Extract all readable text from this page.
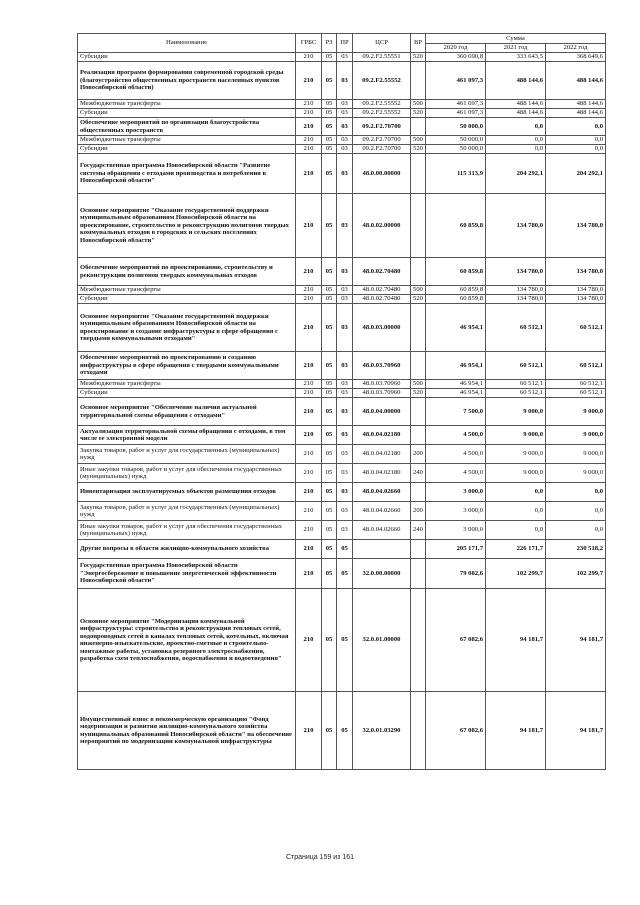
Наименование	ГРБС	РЗ	ПР	ЦСР	ВР	Сумма		
						2020 год	2021 год	2022 год
Субсидии	210	05	03	09.2.F2.55551	520	360 690,8	333 643,5	368 649,6
Реализация программ формирования современной городской среды (благоустройство общественных пространств населенных пунктов Новосибирской области)	210	05	03	09.2.F2.55552		461 097,3	488 144,6	488 144,6
Межбюджетные трансферты	210	05	03	09.2.F2.55552	500	461 097,3	488 144,6	488 144,6
Субсидии	210	05	03	09.2.F2.55552	520	461 097,3	488 144,6	488 144,6
Обеспечение мероприятий по организации благоустройства общественных пространств	210	05	03	09.2.F2.70700		50 000,0	0,0	0,0
Межбюджетные трансферты	210	05	03	09.2.F2.70700	500	50 000,0	0,0	0,0
Субсидии	210	05	03	09.2.F2.70700	520	50 000,0	0,0	0,0
Государственная программа Новосибирской области "Развитие системы обращения с отходами производства и потребления в Новосибирской области"	210	05	03	48.0.00.00000		115 313,9	204 292,1	204 292,1
Основное мероприятие "Оказание государственной поддержки муниципальным образованиям Новосибирской области на проектирование, строительство и реконструкцию полигонов твердых коммунальных отходов в городских и сельских поселениях Новосибирской области"	210	05	03	48.0.02.00000		60 859,8	134 780,0	134 780,0
Обеспечение мероприятий по проектированию, строительству и реконструкции полигонов твердых коммунальных отходов	210	05	03	48.0.02.70480		60 859,8	134 780,0	134 780,0
Межбюджетные трансферты	210	05	03	48.0.02.70480	500	60 859,8	134 780,0	134 780,0
Субсидии	210	05	03	48.0.02.70480	520	60 859,8	134 780,0	134 780,0
Основное мероприятие "Оказание государственной поддержки муниципальным образованиям Новосибирской области на проектирование и создание инфраструктуры в сфере обращения с твердыми коммунальными отходами"	210	05	03	48.0.03.00000		46 954,1	60 512,1	60 512,1
Обеспечение мероприятий по проектированию и созданию инфраструктуры в сфере обращения с твердыми коммунальными отходами	210	05	03	48.0.03.70960		46 954,1	60 512,1	60 512,1
Межбюджетные трансферты	210	05	03	48.0.03.70960	500	46 954,1	60 512,1	60 512,1
Субсидии	210	05	03	48.0.03.70960	520	46 954,1	60 512,1	60 512,1
Основное мероприятие "Обеспечение наличия актуальной территориальной схемы обращения с отходами"	210	05	03	48.0.04.00000		7 500,0	9 000,0	9 000,0
Актуализация территориальной схемы обращения с отходами, в том числе ее электронной модели	210	05	03	48.0.04.02180		4 500,0	9 000,0	9 000,0
Закупка товаров, работ и услуг для государственных (муниципальных) нужд	210	05	03	48.0.04.02180	200	4 500,0	9 000,0	9 000,0
Иные закупки товаров, работ и услуг для обеспечения государственных (муниципальных) нужд	210	05	03	48.0.04.02180	240	4 500,0	9 000,0	9 000,0
Инвентаризация эксплуатируемых объектов размещения отходов	210	05	03	48.0.04.02660		3 000,0	0,0	0,0
Закупка товаров, работ и услуг для государственных (муниципальных) нужд	210	05	03	48.0.04.02660	200	3 000,0	0,0	0,0
Иные закупки товаров, работ и услуг для обеспечения государственных (муниципальных) нужд	210	05	03	48.0.04.02660	240	3 000,0	0,0	0,0
Другие вопросы в области жилищно-коммунального хозяйства	210	05	05			205 171,7	226 171,7	230 518,2
Государственная программа Новосибирской области "Энергосбережение и повышение энергетической эффективности Новосибирской области"	210	05	05	32.0.00.00000		79 082,6	102 299,7	102 299,7
Основное мероприятие "Модернизация коммунальной инфраструктуры: строительство и реконструкция тепловых сетей, водопроводных сетей в каналах тепловых сетей, котельных, включая инженерно-изыскательские, проектно-сметные и строительно-монтажные работы, установка резервного электроснабжения, разработка схем теплоснабжения, водоснабжения и водоотведения"	210	05	05	32.0.01.00000		67 082,6	94 181,7	94 181,7
Имущественный взнос в некоммерческую организацию "Фонд модернизации и развития жилищно-коммунального хозяйства муниципальных образований Новосибирской области" на обеспечение мероприятий по модернизации коммунальной инфраструктуры	210	05	05	32.0.01.03290		67 082,6	94 181,7	94 181,7
Страница 159 из 161
